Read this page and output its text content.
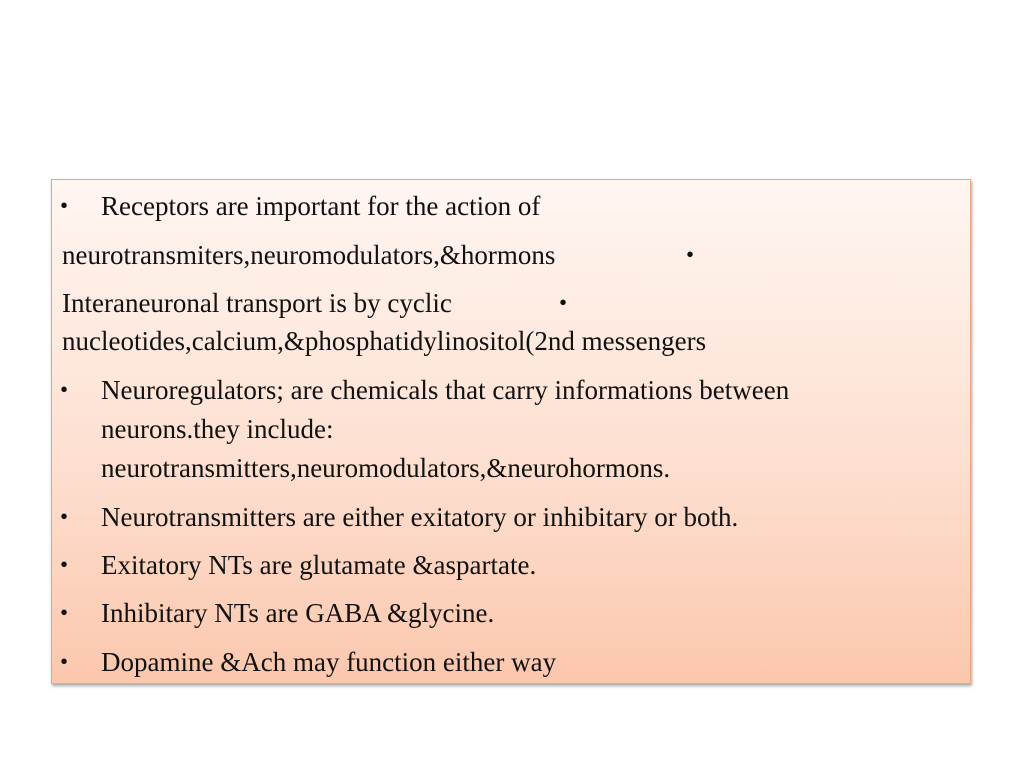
•
•
•
•
•
•
•
•
Receptors are important for the action of
neurotransmiters,neuromodulators,&hormons
Interaneuronal transport is by cyclic
nucleotides,calcium,&phosphatidylinositol(2nd messengers
Neuroregulators; are chemicals that carry informations between
neurons.they include:
neurotransmitters,neuromodulators,&neurohormons.
Neurotransmitters are either exitatory or inhibitary or both.
Exitatory NTs are glutamate &aspartate.
Inhibitary NTs are GABA &glycine.
Dopamine &Ach may function either way
